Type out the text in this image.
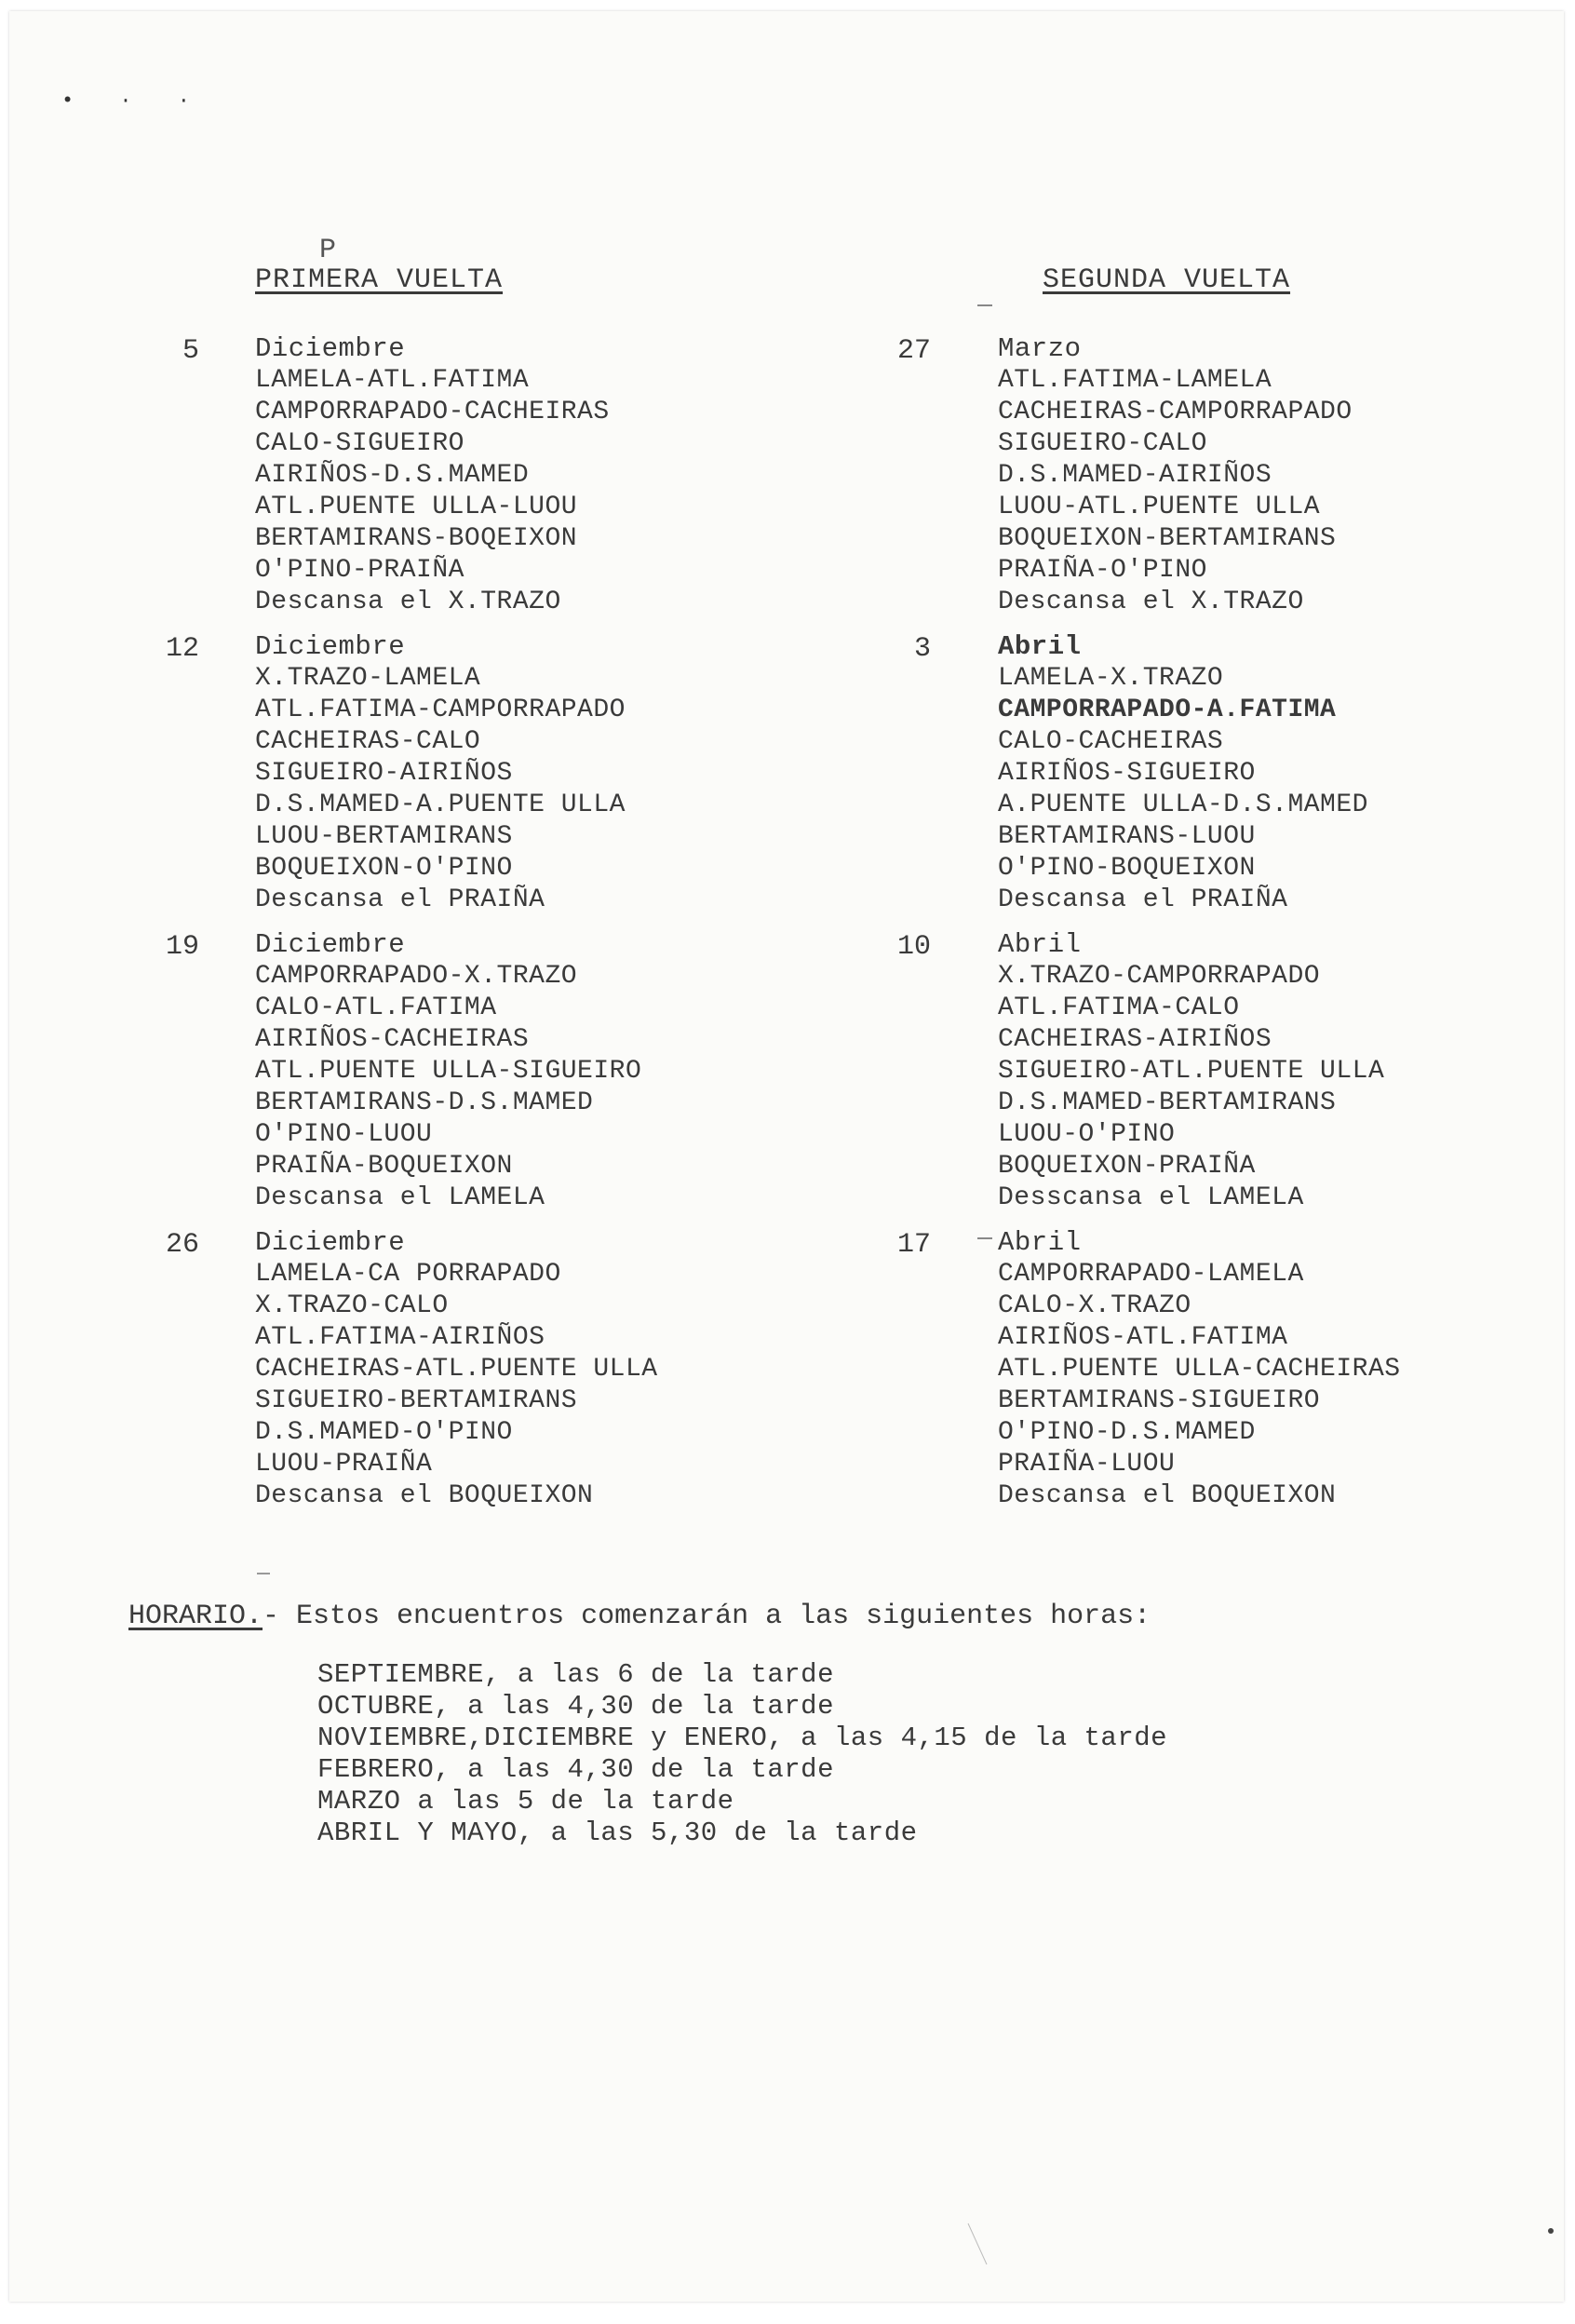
• · ·
P
PRIMERA VUELTA
5 Diciembre
LAMELA-ATL.FATIMA
CAMPORRAPADO-CACHEIRAS
CALO-SIGUEIRO
AIRIÑOS-D.S.MAMED
ATL.PUENTE ULLA-LUOU
BERTAMIRANS-BOQEIXON
O'PINO-PRAIÑA
Descansa el X.TRAZO
12 Diciembre
X.TRAZO-LAMELA
ATL.FATIMA-CAMPORRAPADO
CACHEIRAS-CALO
SIGUEIRO-AIRIÑOS
D.S.MAMED-A.PUENTE ULLA
LUOU-BERTAMIRANS
BOQUEIXON-O'PINO
Descansa el PRAIÑA
19 Diciembre
CAMPORRAPADO-X.TRAZO
CALO-ATL.FATIMA
AIRIÑOS-CACHEIRAS
ATL.PUENTE ULLA-SIGUEIRO
BERTAMIRANS-D.S.MAMED
O'PINO-LUOU
PRAIÑA-BOQUEIXON
Descansa el LAMELA
26 Diciembre
LAMELA-CA PORRAPADO
X.TRAZO-CALO
ATL.FATIMA-AIRIÑOS
CACHEIRAS-ATL.PUENTE ULLA
SIGUEIRO-BERTAMIRANS
D.S.MAMED-O'PINO
LUOU-PRAIÑA
Descansa el BOQUEIXON
SEGUNDA VUELTA
27 Marzo
ATL.FATIMA-LAMELA
CACHEIRAS-CAMPORRAPADO
SIGUEIRO-CALO
D.S.MAMED-AIRIÑOS
LUOU-ATL.PUENTE ULLA
BOQUEIXON-BERTAMIRANS
PRAIÑA-O'PINO
Descansa el X.TRAZO
3 Abril
LAMELA-X.TRAZO
CAMPORRAPADO-A.FATIMA
CALO-CACHEIRAS
AIRIÑOS-SIGUEIRO
A.PUENTE ULLA-D.S.MAMED
BERTAMIRANS-LUOU
O'PINO-BOQUEIXON
Descansa el PRAIÑA
10 Abril
X.TRAZO-CAMPORRAPADO
ATL.FATIMA-CALO
CACHEIRAS-AIRIÑOS
SIGUEIRO-ATL.PUENTE ULLA
D.S.MAMED-BERTAMIRANS
LUOU-O'PINO
BOQUEIXON-PRAIÑA
Desscansa el LAMELA
17 Abril
CAMPORRAPADO-LAMELA
CALO-X.TRAZO
AIRIÑOS-ATL.FATIMA
ATL.PUENTE ULLA-CACHEIRAS
BERTAMIRANS-SIGUEIRO
O'PINO-D.S.MAMED
PRAIÑA-LUOU
Descansa el BOQUEIXON
HORARIO.- Estos encuentros comenzarán a las siguientes horas:
SEPTIEMBRE, a las 6 de la tarde
OCTUBRE, a las 4,30 de la tarde
NOVIEMBRE,DICIEMBRE y ENERO, a las 4,15 de la tarde
FEBRERO, a las 4,30 de la tarde
MARZO a las 5 de la tarde
ABRIL Y MAYO, a las 5,30 de la tarde
